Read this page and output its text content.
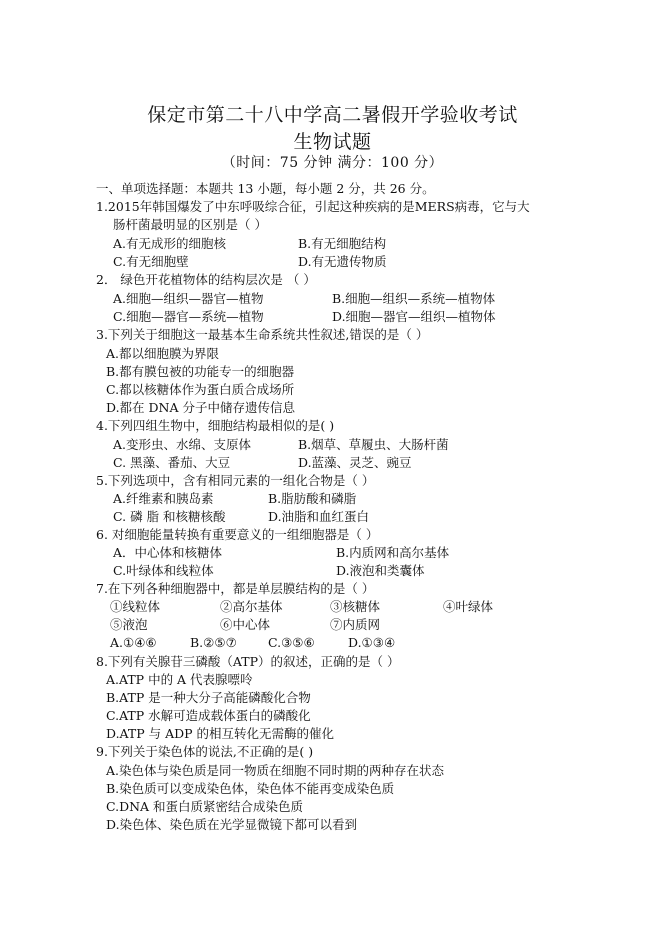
保定市第二十八中学高二暑假开学验收考试
生物试题
（时间：75 分钟 满分：100 分）
一、单项选择题：本题共 13 小题，每小题 2 分，共 26 分。
1.2015年韩国爆发了中东呼吸综合征，引起这种疾病的是MERS病毒，它与大
肠杆菌最明显的区别是（ ）
A.有无成形的细胞核	B.有无细胞结构
C.有无细胞壁	D.有无遗传物质
2． 绿色开花植物体的结构层次是 （ ）
A.细胞—组织—器官—植物	B.细胞—组织—系统—植物体
C.细胞—器官—系统—植物	D.细胞—器官—组织—植物体
3.下列关于细胞这一最基本生命系统共性叙述,错误的是（ ）
A.都以细胞膜为界限
B.都有膜包被的功能专一的细胞器
C.都以核糖体作为蛋白质合成场所
D.都在 DNA 分子中储存遗传信息
4.下列四组生物中，细胞结构最相似的是( )
A.变形虫、水绵、支原体	B.烟草、草履虫、大肠杆菌
C. 黑藻、番茄、大豆	D.蓝藻、灵芝、豌豆
5.下列选项中，含有相同元素的一组化合物是（ ）
A.纤维素和胰岛素	B.脂肪酸和磷脂
C. 磷 脂 和核糖核酸	D.油脂和血红蛋白
6. 对细胞能量转换有重要意义的一组细胞器是（ ）
A．中心体和核糖体	B.内质网和高尔基体
C.叶绿体和线粒体	D.液泡和类囊体
7.在下列各种细胞器中，都是单层膜结构的是（ ）
①线粒体	②高尔基体	③核糖体	④叶绿体
⑤液泡	⑥中心体	⑦内质网
A.①④⑥	B.②⑤⑦ C.③⑤⑥	D.①③④
8.下列有关腺苷三磷酸（ATP）的叙述，正确的是（ ）
A.ATP 中的 A 代表腺嘌呤
B.ATP 是一种大分子高能磷酸化合物
C.ATP 水解可造成载体蛋白的磷酸化
D.ATP 与 ADP 的相互转化无需酶的催化
9.下列关于染色体的说法,不正确的是( )
A.染色体与染色质是同一物质在细胞不同时期的两种存在状态
B.染色质可以变成染色体，染色体不能再变成染色质
C.DNA 和蛋白质紧密结合成染色质
D.染色体、染色质在光学显微镜下都可以看到
